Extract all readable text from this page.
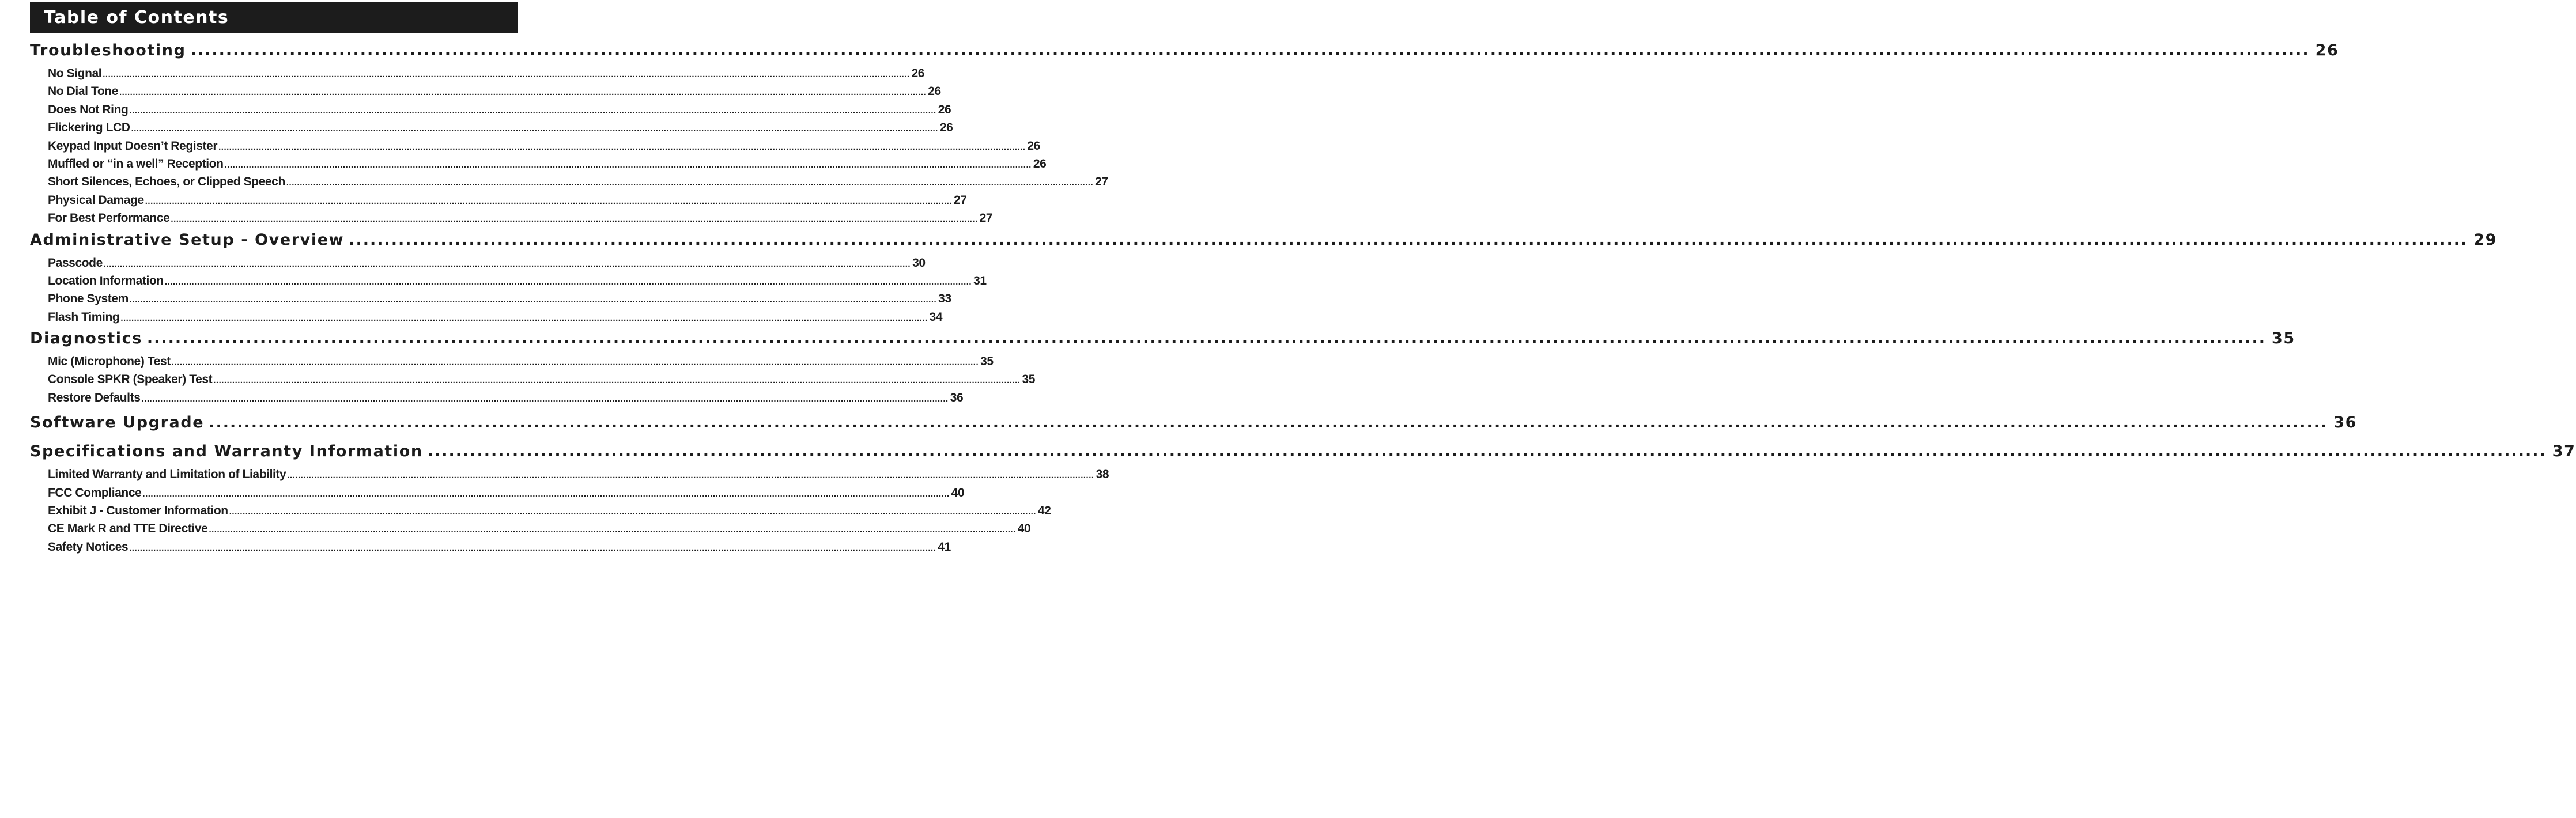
Table of Contents
Troubleshooting ............................................................................................................................................................................................................................................................................................................ 26
No Signal ............................................................................................................................................................................................................................................................................................................ 26
No Dial Tone ............................................................................................................................................................................................................................................................................................................ 26
Does Not Ring ............................................................................................................................................................................................................................................................................................................ 26
Flickering LCD ............................................................................................................................................................................................................................................................................................................ 26
Keypad Input Doesn’t Register ............................................................................................................................................................................................................................................................................................................ 26
Muffled or “in a well” Reception ............................................................................................................................................................................................................................................................................................................ 26
Short Silences, Echoes, or Clipped Speech ............................................................................................................................................................................................................................................................................................................ 27
Physical Damage ............................................................................................................................................................................................................................................................................................................ 27
For Best Performance ............................................................................................................................................................................................................................................................................................................ 27
Administrative Setup - Overview ............................................................................................................................................................................................................................................................................................................ 29
Passcode ............................................................................................................................................................................................................................................................................................................ 30
Location Information ............................................................................................................................................................................................................................................................................................................ 31
Phone System ............................................................................................................................................................................................................................................................................................................ 33
Flash Timing ............................................................................................................................................................................................................................................................................................................ 34
Diagnostics ............................................................................................................................................................................................................................................................................................................ 35
Mic (Microphone) Test ............................................................................................................................................................................................................................................................................................................ 35
Console SPKR (Speaker) Test ............................................................................................................................................................................................................................................................................................................ 35
Restore Defaults ............................................................................................................................................................................................................................................................................................................ 36
Software Upgrade ............................................................................................................................................................................................................................................................................................................ 36
Specifications and Warranty Information ............................................................................................................................................................................................................................................................................................................ 37
Limited Warranty and Limitation of Liability ............................................................................................................................................................................................................................................................................................................ 38
FCC Compliance ............................................................................................................................................................................................................................................................................................................ 40
Exhibit J - Customer Information ............................................................................................................................................................................................................................................................................................................ 42
CE Mark R and TTE Directive ............................................................................................................................................................................................................................................................................................................ 40
Safety Notices ............................................................................................................................................................................................................................................................................................................ 41
